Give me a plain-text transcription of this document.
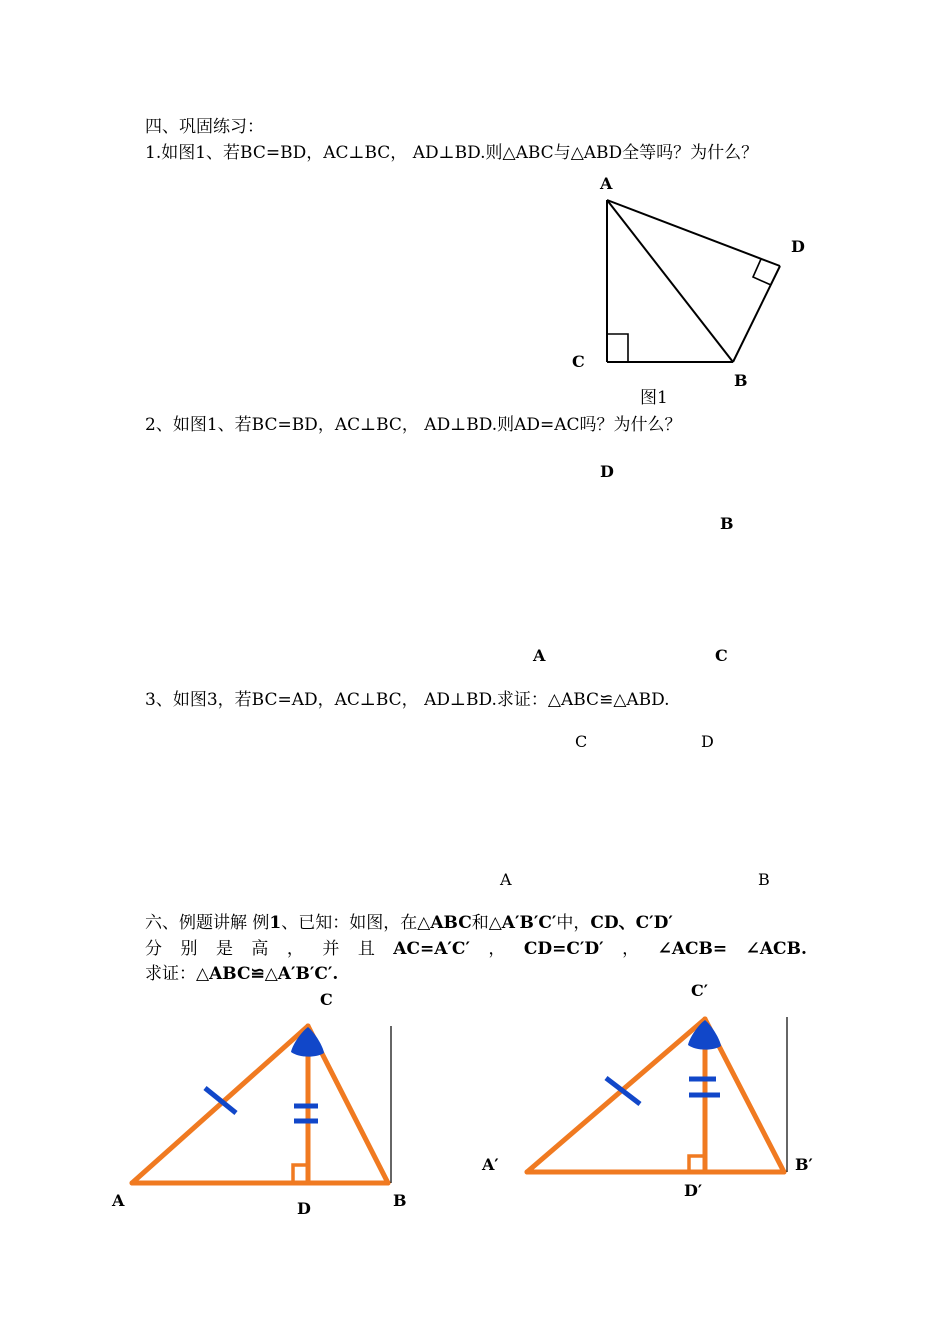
四、巩固练习：
1.如图1、若BC=BD，AC⊥BC， AD⊥BD.则△ABC与△ABD全等吗？为什么？
2、如图1、若BC=BD，AC⊥BC， AD⊥BD.则AD=AC吗？为什么？
3、如图3，若BC=AD，AC⊥BC， AD⊥BD.求证：△ABC≌△ABD.
A
D
C
B
图1
D
B
A	C
C	D
A	B
六、例题讲解 例1、已知：如图，在△ABC和△A′B′C′中，CD、C′D′
分 别 是 高 ， 并 且 AC=A′C′ ， CD=C′D′ ， ∠ACB= ∠ACB.
求证：△ABC≌△A′B′C′.
C
A	D	B
C′
A′
D′
B′
